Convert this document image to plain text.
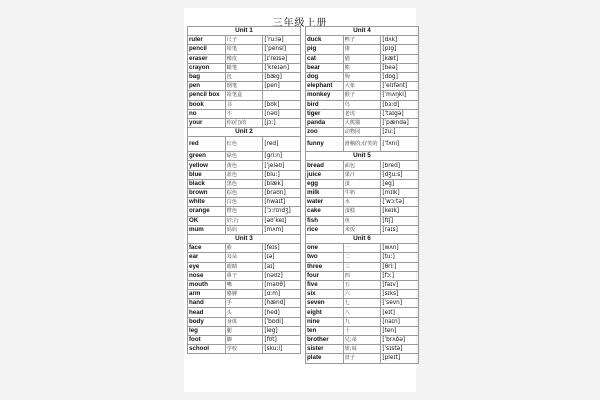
三年级上册
Unit 1		
ruler	尺子	[ˈruːlə]
pencil	铅笔	[ˈpensl]
eraser	橡皮	[ɪˈreɪsə]
crayon	蜡笔	[ˈkreɪən]
bag	包	[bæg]
pen	钢笔	[pen]
pencil box	铅笔盒	
book	书	[bʊk]
no	不	[nəʊ]
your	你(们)的	[jɔː]
Unit 2		
red	红色	[red]
green	绿色	[griːn]
yellow	黄色	[ˈjeləʊ]
blue	蓝色	[bluː]
black	黑色	[blæk]
brown	棕色	[braʊn]
white	白色	[hwaɪt]
orange	橙色	[ˈɔːrɪndʒ]
OK	好;行	[əʊˈkeɪ]
mum	妈妈	[mʌm]
Unit 3		
face	脸	[feɪs]
ear	耳朵	[ɪə]
eye	眼睛	[aɪ]
nose	鼻子	[nəʊz]
mouth	嘴	[maʊθ]
arm	胳膊	[ɑːm]
hand	手	[hænd]
head	头	[hed]
body	身体	[ˈbɒdi]
leg	腿	[leg]
foot	脚	[fʊt]
school	学校	[skuːl]
Unit 4		
duck	鸭子	[dʌk]
pig	猪	[pɪg]
cat	猫	[kæt]
bear	熊	[beə]
dog	狗	[dɒg]
elephant	大象	[ˈelɪfənt]
monkey	猴子	[ˈmʌŋki]
bird	鸟	[bɜːd]
tiger	老虎	[ˈtaɪgə]
panda	大熊猫	[ˈpændə]
zoo	动物园	[zuː]
funny	滑稽的;好笑的	[ˈfʌni]
Unit 5		
bread	面包	[bred]
juice	果汁	[dʒuːs]
egg	蛋	[eg]
milk	牛奶	[mɪlk]
water	水	[ˈwɔːtə]
cake	蛋糕	[keɪk]
fish	鱼	[fɪʃ]
rice	米饭	[raɪs]
Unit 6		
one	一	[wʌn]
two	二	[tuː]
three	三	[θriː]
four	四	[fɔː]
five	五	[faɪv]
six	六	[sɪks]
seven	七	[ˈsevn]
eight	八	[eɪt]
nine	九	[naɪn]
ten	十	[ten]
brother	兄;弟	[ˈbrʌðə]
sister	姐;妹	[ˈsɪstə]
plate	盘子	[pleɪt]
